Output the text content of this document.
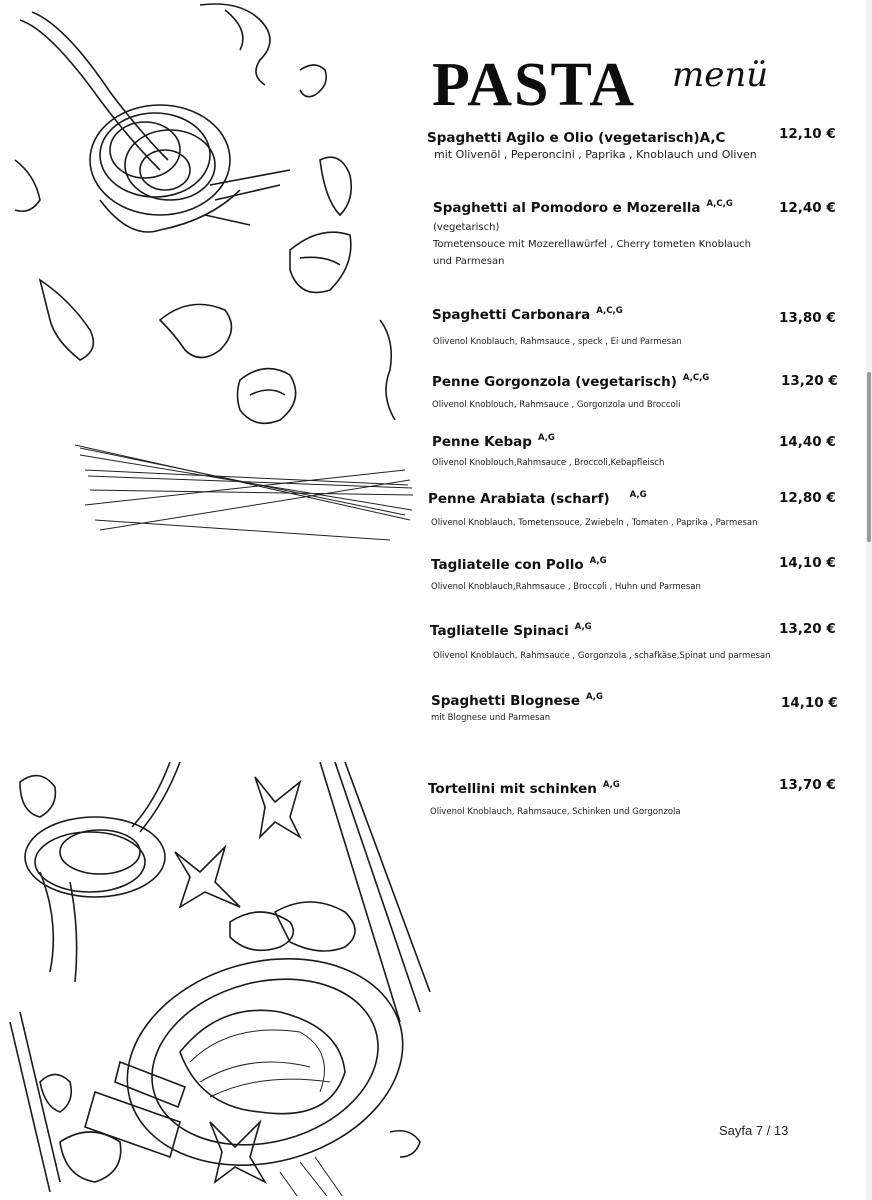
PASTA menü
Spaghetti Agilo e Olio (vegetarisch)A,C	12,10 €
mit Olivenöl , Peperoncini , Paprika , Knoblauch und Oliven
Spaghetti al Pomodoro e Mozerella $^{A,C,G}$	12,40 €
(vegetarisch)
Tometensouce mit Mozerellawürfel , Cherry tometen Knoblauch
und Parmesan
Spaghetti Carbonara $^{A,C,G}$	13,80 €
Olivenol Knoblauch, Rahmsauce , speck , Ei und Parmesan
Penne Gorgonzola (vegetarisch) $^{A,C,G}$	13,20 €
Olivenol Knoblouch, Rahmsauce , Gorgonzola und Broccoli
Penne Kebap $^{A,G}$	14,40 €
Olivenol Knoblouch,Rahmsauce , Broccoli,Kebapfleisch
Penne Arabiata (scharf) $^{A,G}$	12,80 €
Olivenol Knoblauch, Tometensouce, Zwiebeln , Tomaten , Paprika , Parmesan
Tagliatelle con Pollo $^{A,G}$	14,10 €
Olivenol Knoblauch,Rahmsauce , Broccoli , Huhn und Parmesan
Tagliatelle Spinaci $^{A,G}$	13,20 €
Olivenol Knoblauch, Rahmsauce , Gorgonzola , schafkäse,Spinat und parmesan
Spaghetti Blognese $^{A,G}$	14,10 €
mit Blognese und Parmesan
Tortellini mit schinken $^{A,G}$	13,70 €
Olivenol Knoblauch, Rahmsauce, Schinken und Gorgonzola
Sayfa 7 / 13
